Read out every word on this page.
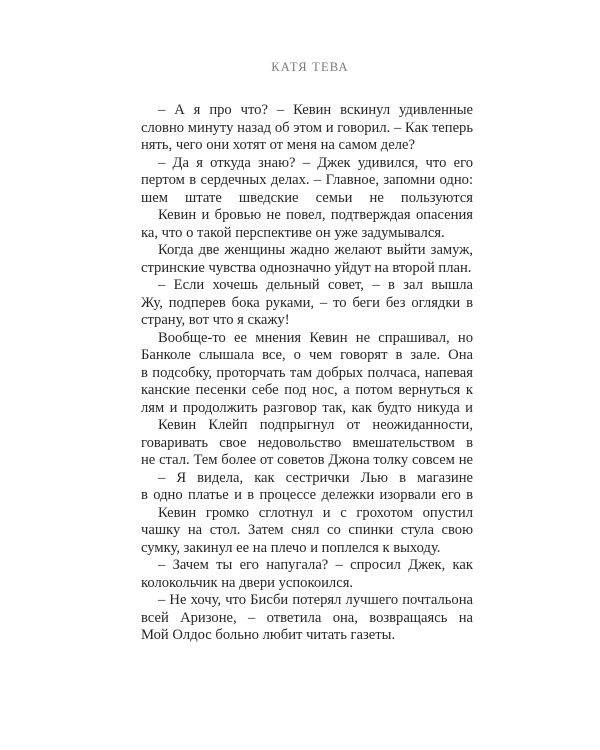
КАТЯ ТЕВА
– А я про что? – Кевин вскинул удивленные
словно минуту назад об этом и говорил. – Как теперь
нять, чего они хотят от меня на самом деле?
– Да я откуда знаю? – Джек удивился, что его
пертом в сердечных делах. – Главное, запомни одно:
шем штате шведские семьи не пользуются
Кевин и бровью не повел, подтверждая опасения
ка, что о такой перспективе он уже задумывался.
Когда две женщины жадно желают выйти замуж,
стринские чувства однозначно уйдут на второй план.
– Если хочешь дельный совет, – в зал вышла
Жу, подперев бока руками, – то беги без оглядки в
страну, вот что я скажу!
Вообще-то ее мнения Кевин не спрашивал, но
Банколе слышала все, о чем говорят в зале. Она
в подсобку, проторчать там добрых полчаса, напевая
канские песенки себе под нос, а потом вернуться к
лям и продолжить разговор так, как будто никуда и
Кевин Клейп подпрыгнул от неожиданности,
говаривать свое недовольство вмешательством в
не стал. Тем более от советов Джона толку совсем не
– Я видела, как сестрички Лью в магазине
в одно платье и в процессе дележки изорвали его в
Кевин громко сглотнул и с грохотом опустил
чашку на стол. Затем снял со спинки стула свою
сумку, закинул ее на плечо и поплелся к выходу.
– Зачем ты его напугала? – спросил Джек, как
колокольчик на двери успокоился.
– Не хочу, что Бисби потерял лучшего почтальона
всей Аризоне, – ответила она, возвращаясь на
Мой Олдос больно любит читать газеты.
